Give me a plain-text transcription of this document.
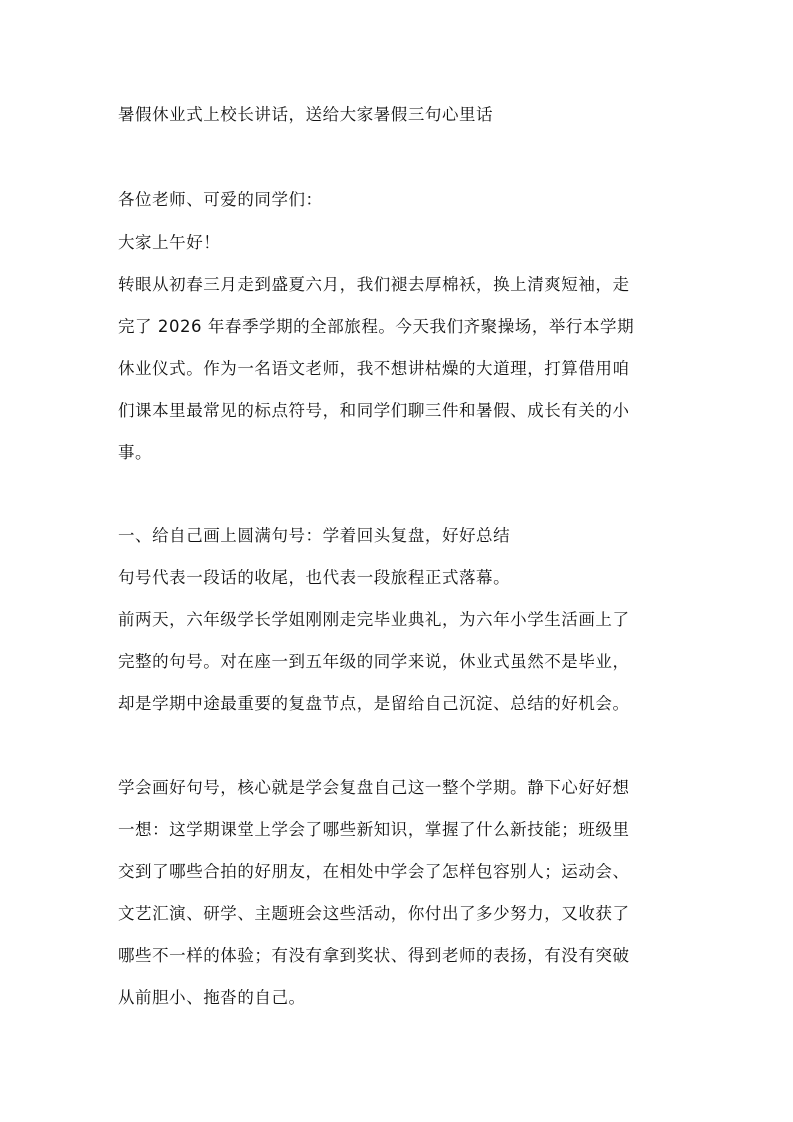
暑假休业式上校长讲话，送给大家暑假三句心里话

各位老师、可爱的同学们：

大家上午好！

转眼从初春三月走到盛夏六月，我们褪去厚棉袄，换上清爽短袖，走

完了 2026 年春季学期的全部旅程。今天我们齐聚操场，举行本学期

休业仪式。作为一名语文老师，我不想讲枯燥的大道理，打算借用咱

们课本里最常见的标点符号，和同学们聊三件和暑假、成长有关的小

事。

一、给自己画上圆满句号：学着回头复盘，好好总结

句号代表一段话的收尾，也代表一段旅程正式落幕。

前两天，六年级学长学姐刚刚走完毕业典礼，为六年小学生活画上了

完整的句号。对在座一到五年级的同学来说，休业式虽然不是毕业，

却是学期中途最重要的复盘节点，是留给自己沉淀、总结的好机会。

学会画好句号，核心就是学会复盘自己这一整个学期。静下心好好想

一想：这学期课堂上学会了哪些新知识，掌握了什么新技能；班级里

交到了哪些合拍的好朋友，在相处中学会了怎样包容别人；运动会、

文艺汇演、研学、主题班会这些活动，你付出了多少努力，又收获了

哪些不一样的体验；有没有拿到奖状、得到老师的表扬，有没有突破

从前胆小、拖沓的自己。
